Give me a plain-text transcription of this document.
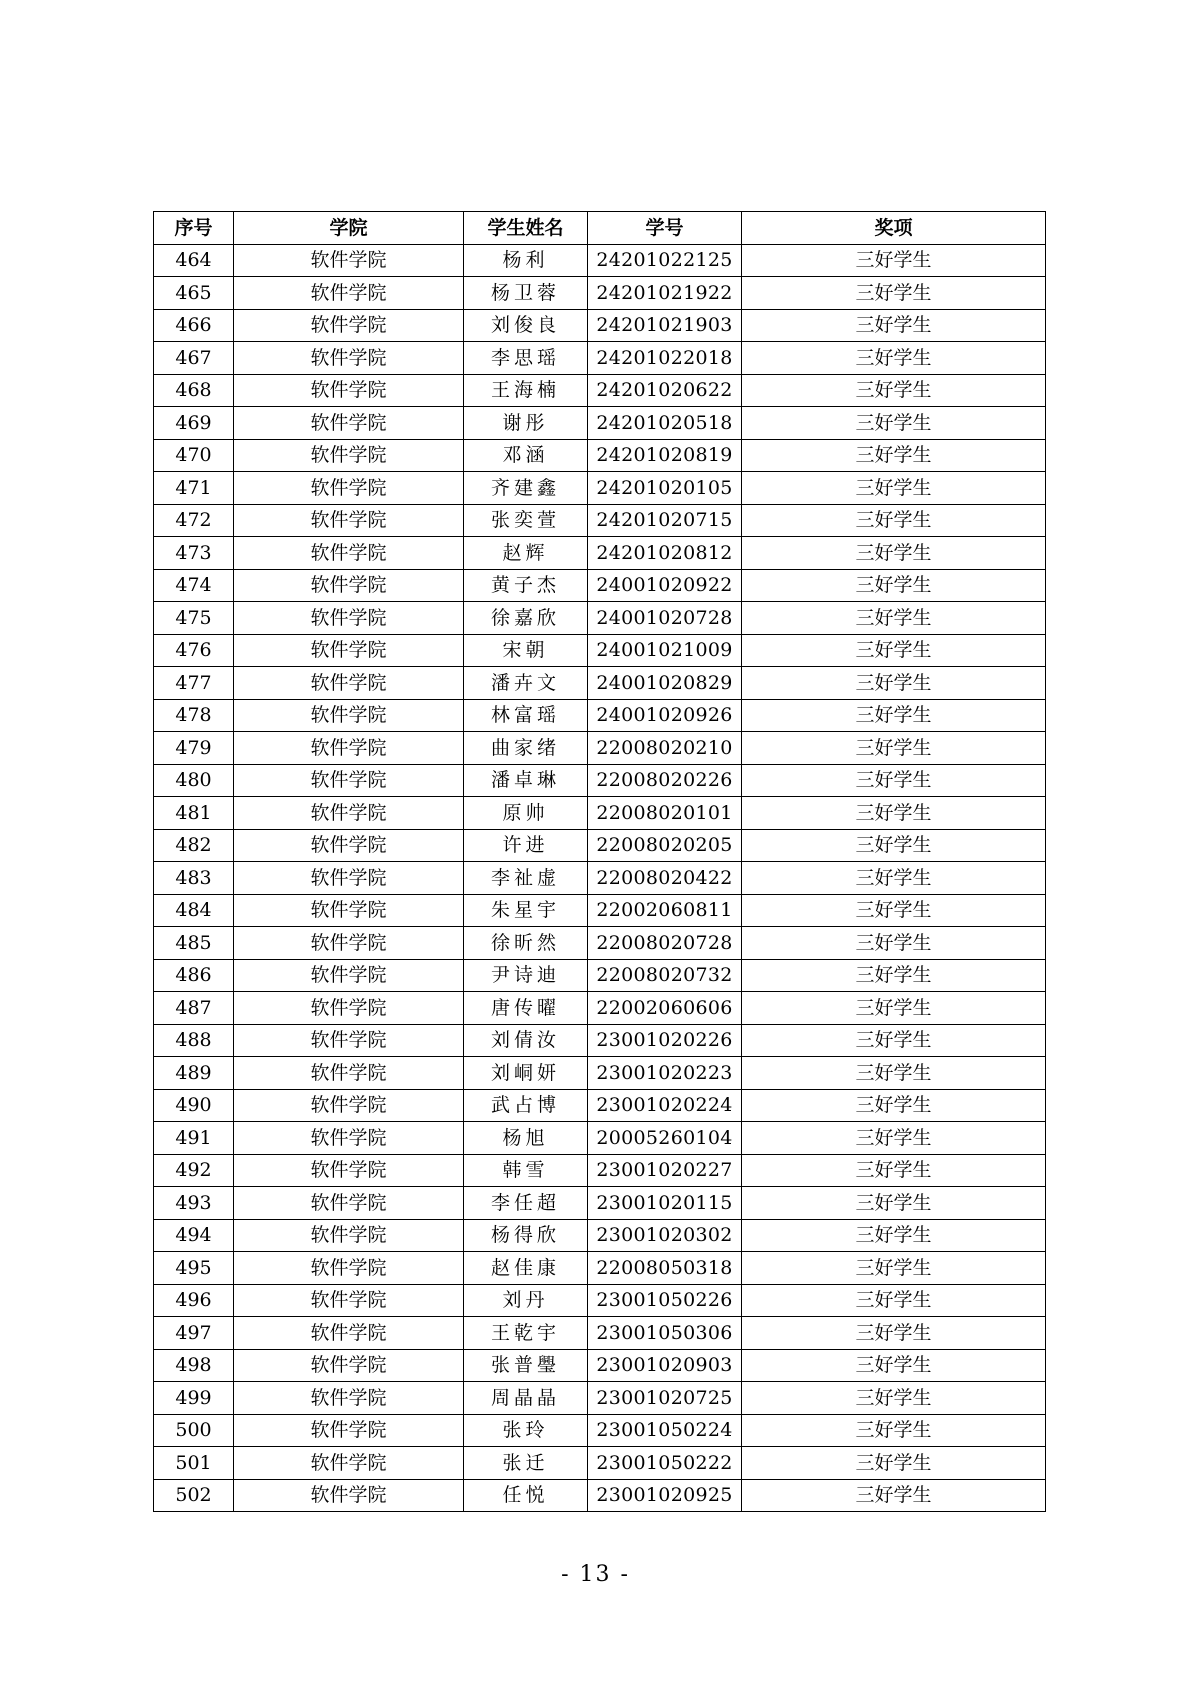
序号	学院	学生姓名	学号	奖项
464	软件学院	杨利	24201022125	三好学生
465	软件学院	杨卫蓉	24201021922	三好学生
466	软件学院	刘俊良	24201021903	三好学生
467	软件学院	李思瑶	24201022018	三好学生
468	软件学院	王海楠	24201020622	三好学生
469	软件学院	谢彤	24201020518	三好学生
470	软件学院	邓涵	24201020819	三好学生
471	软件学院	齐建鑫	24201020105	三好学生
472	软件学院	张奕萱	24201020715	三好学生
473	软件学院	赵辉	24201020812	三好学生
474	软件学院	黄子杰	24001020922	三好学生
475	软件学院	徐嘉欣	24001020728	三好学生
476	软件学院	宋朝	24001021009	三好学生
477	软件学院	潘卉文	24001020829	三好学生
478	软件学院	林富瑶	24001020926	三好学生
479	软件学院	曲家绪	22008020210	三好学生
480	软件学院	潘卓琳	22008020226	三好学生
481	软件学院	原帅	22008020101	三好学生
482	软件学院	许进	22008020205	三好学生
483	软件学院	李祉虚	22008020422	三好学生
484	软件学院	朱星宇	22002060811	三好学生
485	软件学院	徐昕然	22008020728	三好学生
486	软件学院	尹诗迪	22008020732	三好学生
487	软件学院	唐传曜	22002060606	三好学生
488	软件学院	刘倩汝	23001020226	三好学生
489	软件学院	刘峒妍	23001020223	三好学生
490	软件学院	武占博	23001020224	三好学生
491	软件学院	杨旭	20005260104	三好学生
492	软件学院	韩雪	23001020227	三好学生
493	软件学院	李任超	23001020115	三好学生
494	软件学院	杨得欣	23001020302	三好学生
495	软件学院	赵佳康	22008050318	三好学生
496	软件学院	刘丹	23001050226	三好学生
497	软件学院	王乾宇	23001050306	三好学生
498	软件学院	张普璺	23001020903	三好学生
499	软件学院	周晶晶	23001020725	三好学生
500	软件学院	张玲	23001050224	三好学生
501	软件学院	张迁	23001050222	三好学生
502	软件学院	任悦	23001020925	三好学生
- 13 -
